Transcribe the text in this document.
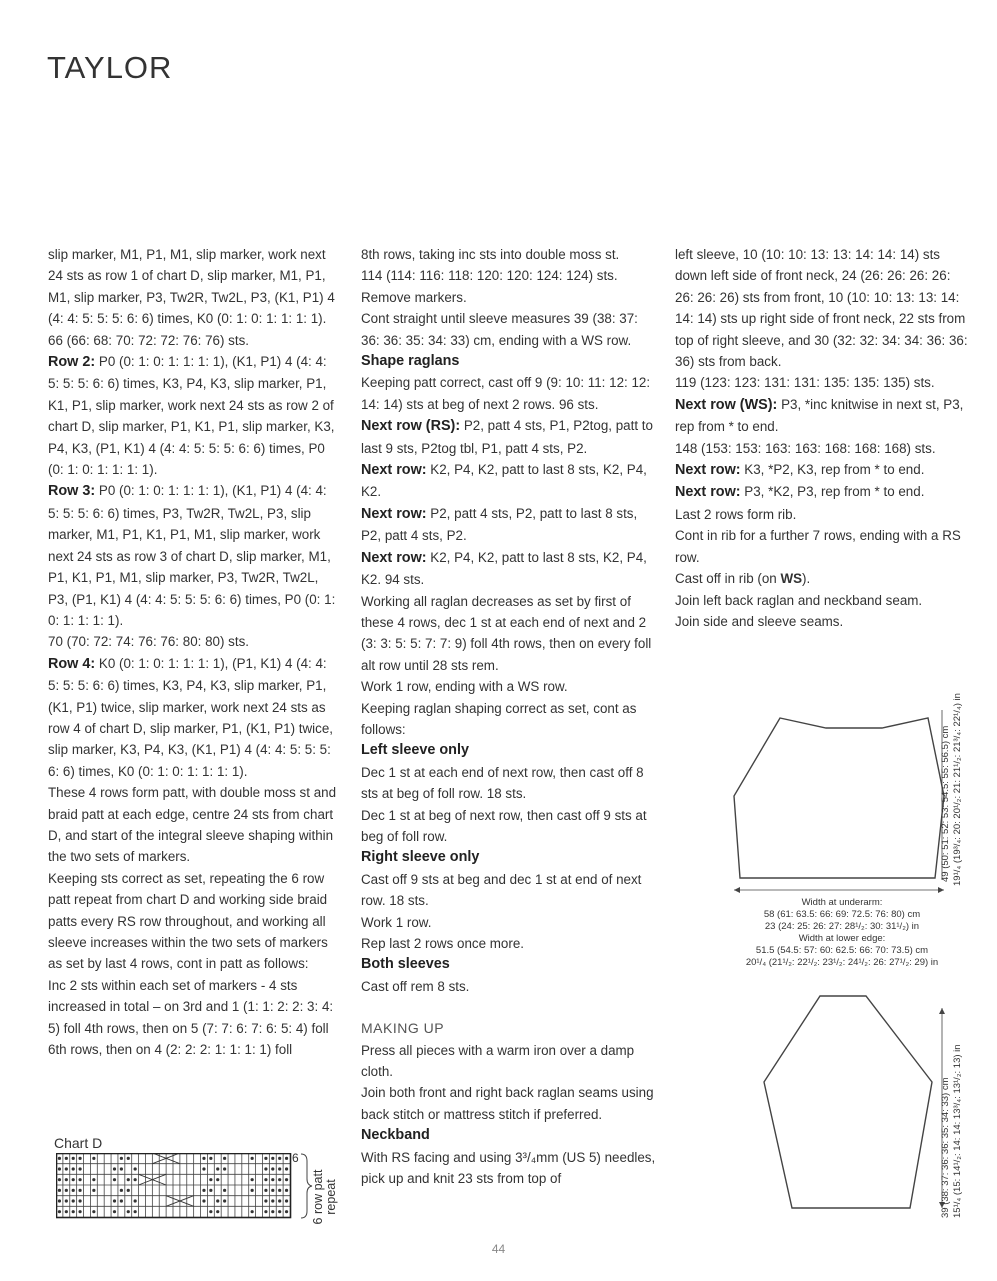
TAYLOR

slip marker, M1, P1, M1, slip marker, work next 24 sts as row 1 of chart D, slip marker, M1, P1, M1, slip marker, P3, Tw2R, Tw2L, P3, (K1, P1) 4 (4: 4: 5: 5: 5: 6: 6) times, K0 (0: 1: 0: 1: 1: 1: 1).

66 (66: 68: 70: 72: 72: 76: 76) sts.

Row 2: P0 (0: 1: 0: 1: 1: 1: 1), (K1, P1) 4 (4: 4: 5: 5: 5: 6: 6) times, K3, P4, K3, slip marker, P1, K1, P1, slip marker, work next 24 sts as row 2 of chart D, slip marker, P1, K1, P1, slip marker, K3, P4, K3, (P1, K1) 4 (4: 4: 5: 5: 5: 6: 6) times, P0 (0: 1: 0: 1: 1: 1: 1).

Row 3: P0 (0: 1: 0: 1: 1: 1: 1), (K1, P1) 4 (4: 4: 5: 5: 5: 6: 6) times, P3, Tw2R, Tw2L, P3, slip marker, M1, P1, K1, P1, M1, slip marker, work next 24 sts as row 3 of chart D, slip marker, M1, P1, K1, P1, M1, slip marker, P3, Tw2R, Tw2L, P3, (P1, K1) 4 (4: 4: 5: 5: 5: 6: 6) times, P0 (0: 1: 0: 1: 1: 1: 1).

70 (70: 72: 74: 76: 76: 80: 80) sts.

Row 4: K0 (0: 1: 0: 1: 1: 1: 1), (P1, K1) 4 (4: 4: 5: 5: 5: 6: 6) times, K3, P4, K3, slip marker, P1, (K1, P1) twice, slip marker, work next 24 sts as row 4 of chart D, slip marker, P1, (K1, P1) twice, slip marker, K3, P4, K3, (K1, P1) 4 (4: 4: 5: 5: 5: 6: 6) times, K0 (0: 1: 0: 1: 1: 1: 1).

These 4 rows form patt, with double moss st and braid patt at each edge, centre 24 sts from chart D, and start of the integral sleeve shaping within the two sets of markers.

Keeping sts correct as set, repeating the 6 row patt repeat from chart D and working side braid patts every RS row throughout, and working all sleeve increases within the two sets of markers as set by last 4 rows, cont in patt as follows:

Inc 2 sts within each set of markers - 4 sts increased in total – on 3rd and 1 (1: 1: 2: 2: 3: 4: 5) foll 4th rows, then on 5 (7: 7: 6: 7: 6: 5: 4) foll 6th rows, then on 4 (2: 2: 2: 1: 1: 1: 1) foll

8th rows, taking inc sts into double moss st.

114 (114: 116: 118: 120: 120: 124: 124) sts.

Remove markers.

Cont straight until sleeve measures 39 (38: 37: 36: 36: 35: 34: 33) cm, ending with a WS row.

Shape raglans

Keeping patt correct, cast off 9 (9: 10: 11: 12: 12: 14: 14) sts at beg of next 2 rows. 96 sts.

Next row (RS): P2, patt 4 sts, P1, P2tog, patt to last 9 sts, P2tog tbl, P1, patt 4 sts, P2.

Next row: K2, P4, K2, patt to last 8 sts, K2, P4, K2.

Next row: P2, patt 4 sts, P2, patt to last 8 sts, P2, patt 4 sts, P2.

Next row: K2, P4, K2, patt to last 8 sts, K2, P4, K2. 94 sts.

Working all raglan decreases as set by first of these 4 rows, dec 1 st at each end of next and 2 (3: 3: 5: 5: 7: 7: 9) foll 4th rows, then on every foll alt row until 28 sts rem.

Work 1 row, ending with a WS row.

Keeping raglan shaping correct as set, cont as follows:

Left sleeve only

Dec 1 st at each end of next row, then cast off 8 sts at beg of foll row. 18 sts.

Dec 1 st at beg of next row, then cast off 9 sts at beg of foll row.

Right sleeve only

Cast off 9 sts at beg and dec 1 st at end of next row. 18 sts.

Work 1 row.

Rep last 2 rows once more.

Both sleeves

Cast off rem 8 sts.

MAKING UP

Press all pieces with a warm iron over a damp cloth.

Join both front and right back raglan seams using back stitch or mattress stitch if preferred.

Neckband

With RS facing and using 3³/₄mm (US 5) needles, pick up and knit 23 sts from top of

left sleeve, 10 (10: 10: 13: 13: 14: 14: 14) sts down left side of front neck, 24 (26: 26: 26: 26: 26: 26: 26) sts from front, 10 (10: 10: 13: 13: 14: 14: 14) sts up right side of front neck, 22 sts from top of right sleeve, and 30 (32: 32: 34: 34: 36: 36: 36) sts from back.

119 (123: 123: 131: 131: 135: 135: 135) sts.

Next row (WS): P3, *inc knitwise in next st, P3, rep from * to end.

148 (153: 153: 163: 163: 168: 168: 168) sts.

Next row: K3, *P2, K3, rep from * to end.

Next row: P3, *K2, P3, rep from * to end.

Last 2 rows form rib.

Cont in rib for a further 7 rows, ending with a RS row.

Cast off in rib (on WS).

Join left back raglan and neckband seam.

Join side and sleeve seams.

Chart D
6
6 row patt repeat
49 (50: 51: 52: 53: 54.5: 55: 56.5) cm 19¹/₄ (19³/₄: 20: 20¹/₂: 21: 21¹/₂: 21³/₄: 22¹/₄) in
Width at underarm:
58 (61: 63.5: 66: 69: 72.5: 76: 80) cm
23 (24: 25: 26: 27: 28¹/₂: 30: 31¹/₂) in
Width at lower edge:
51.5 (54.5: 57: 60: 62.5: 66: 70: 73.5) cm
20¹/₄ (21¹/₂: 22¹/₂: 23¹/₂: 24¹/₂: 26: 27¹/₂: 29) in
39 (38: 37: 36: 36: 35: 34: 33) cm 15¹/₄ (15: 14¹/₂: 14: 14: 13³/₄: 13¹/₂: 13) in
44
